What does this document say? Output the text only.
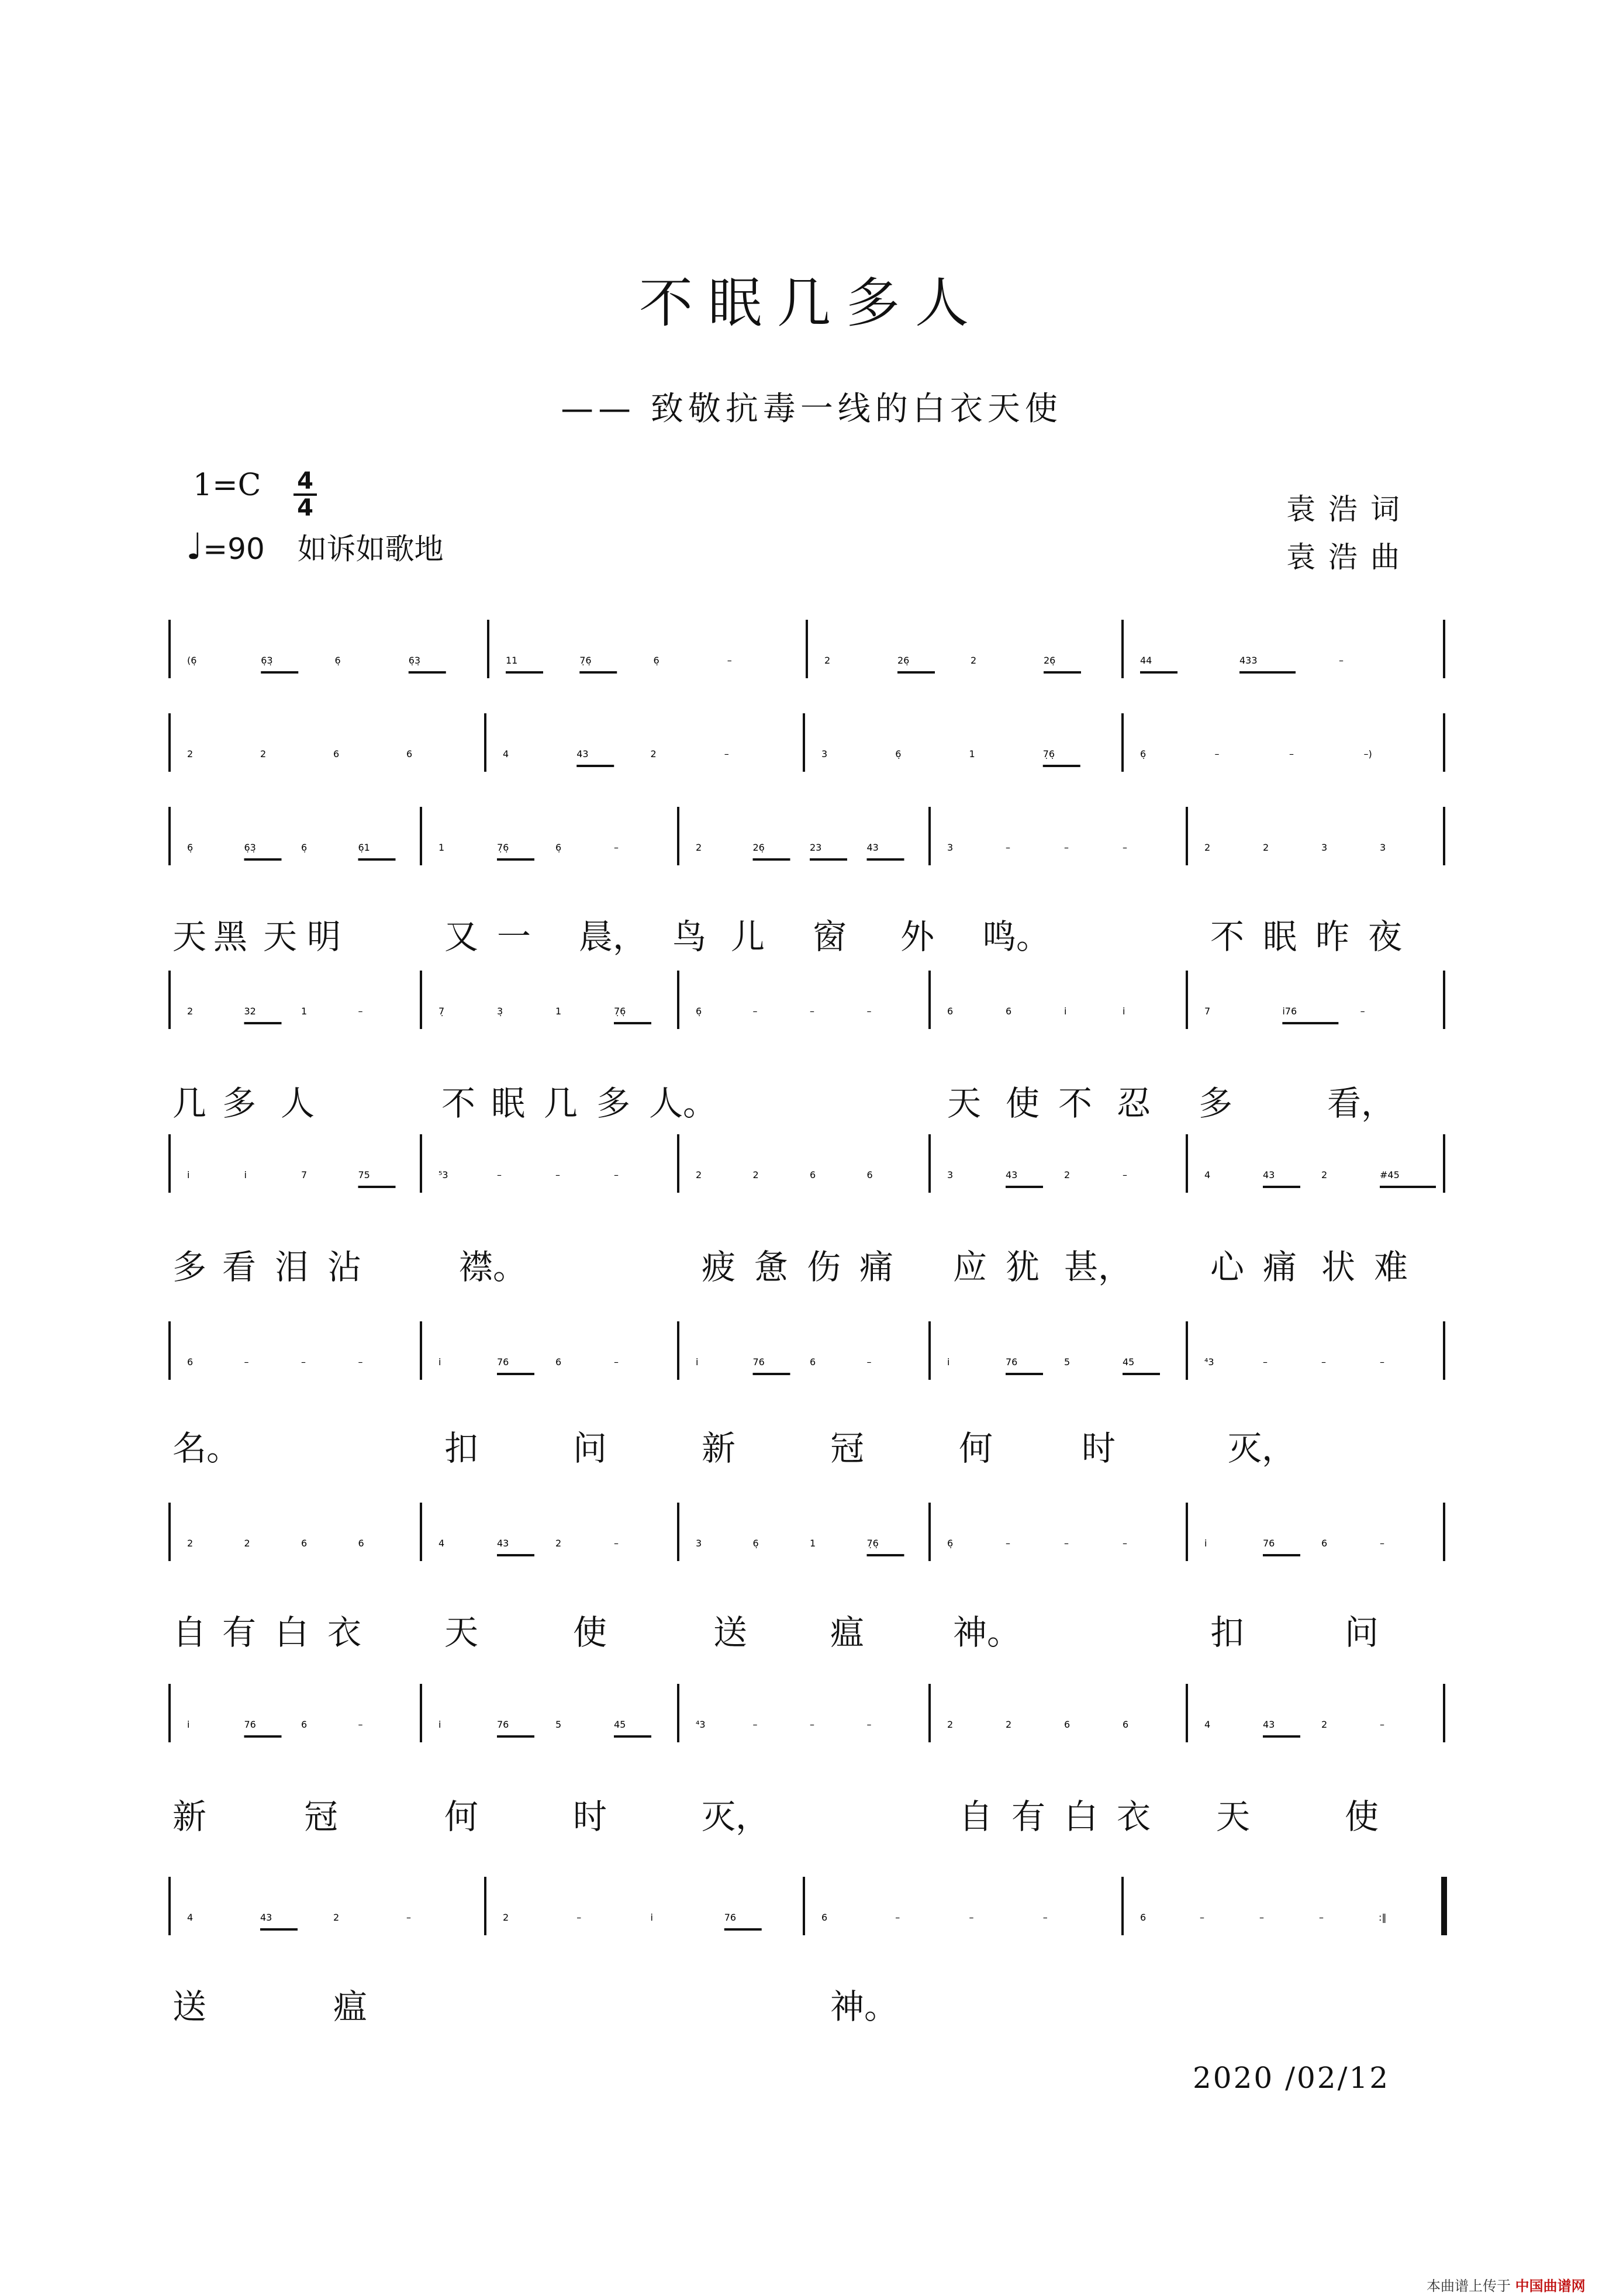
不眠几多人
—— 致敬抗毒一线的白衣天使
1=C 4
4
♩=90 如诉如歌地
袁浩词
袁浩曲
(6̣	6̣3̣	6̣	6̣3̣	11	7̣6̣	6̣	–	2	26̣	2	26̣	44	433	–
2	2	6	6	4	43	2	–	3	6̣	1	7̣6̣	6̣	–	–	–)
6̣	6̣3̣	6̣	6̣1	1	7̣6̣	6̣	–	2	26̣	23	43	3	–	–	–	2	2	3	3
天 黑 天 明	又 一 晨， 鸟 儿 窗 外 鸣。	不 眠 昨 夜
2	32	1	–	7̣	3̣	1	7̣6̣	6̣	–	–	–	6	6	i	i	7	i76	–
几 多 人	不 眠 几 多 人。	天 使 不 忍 多	看，
i	i	7	75	⁵3	–	–	–	2	2	6	6	3	43	2	–	4	43	2	#45
多 看 泪 沾	襟。	疲 惫 伤 痛 应 犹 甚， 心 痛 状 难
6	–	–	–	i	76	6	–	i	76	6	–	i	76	5	45	⁴3	–	–	–
名。	扣	问	新	冠	何	时	灭，
2	2	6	6	4	43	2	–	3	6̣	1	7̣6̣	6̣	–	–	–	i	76	6	–
自 有 白 衣 天	使	送 瘟	神。	扣	问
i	76	6	–	i	76	5	45	⁴3	–	–	–	2	2	6	6	4	43	2	–
新	冠	何	时	灭，	自 有 白 衣 天	使
4	43	2	–	2	–	i	76	6	–	–	–	6	–	–	–	:‖
送	瘟	神。
2020 /02/12
本曲谱上传于 中国曲谱网
